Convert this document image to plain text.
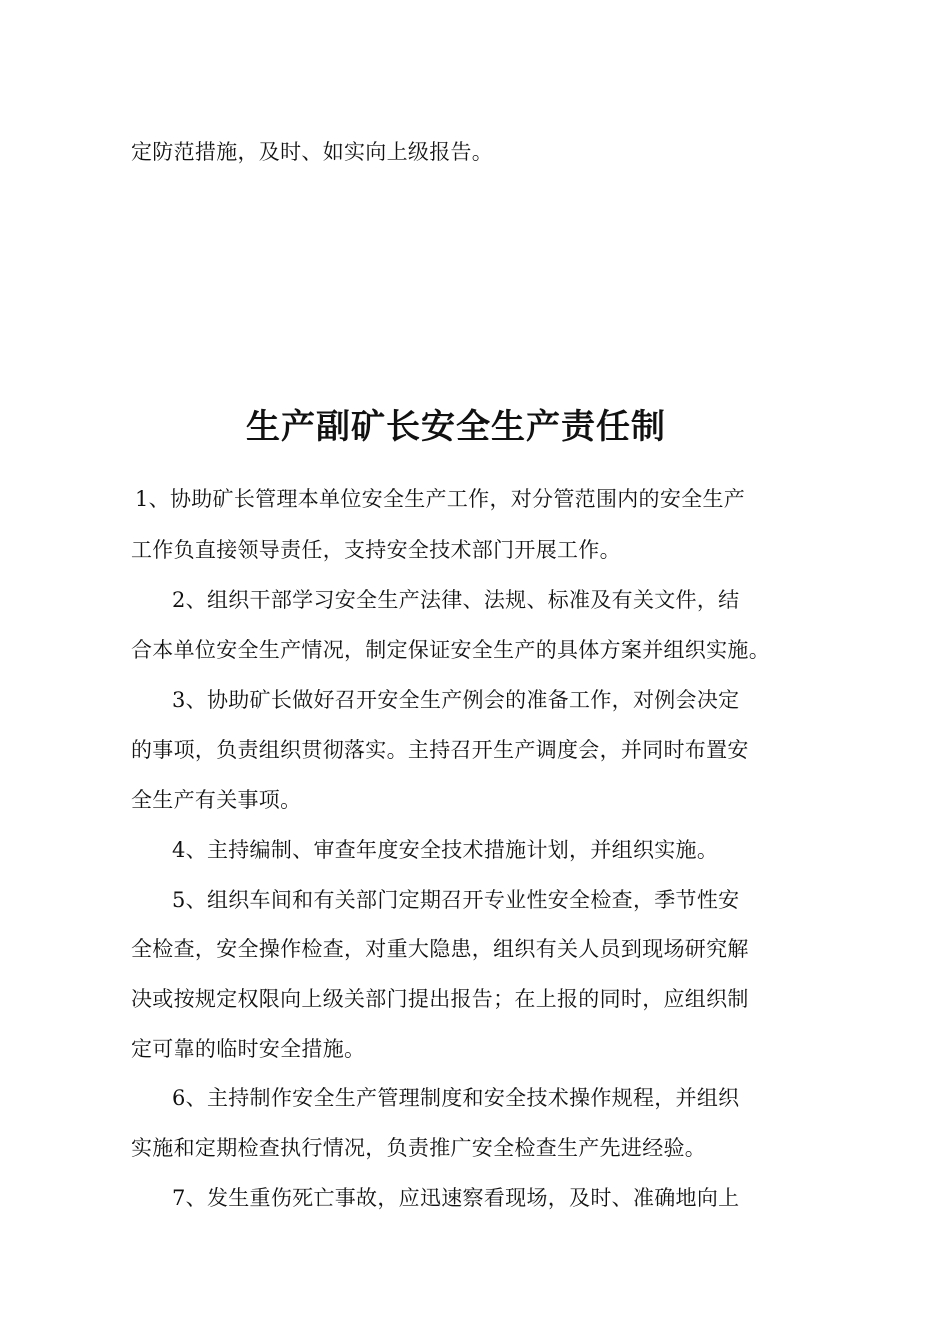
定防范措施，及时、如实向上级报告。
生产副矿长安全生产责任制
1、协助矿长管理本单位安全生产工作，对分管范围内的安全生产
工作负直接领导责任，支持安全技术部门开展工作。
2、组织干部学习安全生产法律、法规、标准及有关文件，结
合本单位安全生产情况，制定保证安全生产的具体方案并组织实施。
3、协助矿长做好召开安全生产例会的准备工作，对例会决定
的事项，负责组织贯彻落实。主持召开生产调度会，并同时布置安
全生产有关事项。
4、主持编制、审查年度安全技术措施计划，并组织实施。
5、组织车间和有关部门定期召开专业性安全检查，季节性安
全检查，安全操作检查，对重大隐患，组织有关人员到现场研究解
决或按规定权限向上级关部门提出报告；在上报的同时，应组织制
定可靠的临时安全措施。
6、主持制作安全生产管理制度和安全技术操作规程，并组织
实施和定期检查执行情况，负责推广安全检查生产先进经验。
7、发生重伤死亡事故，应迅速察看现场，及时、准确地向上
